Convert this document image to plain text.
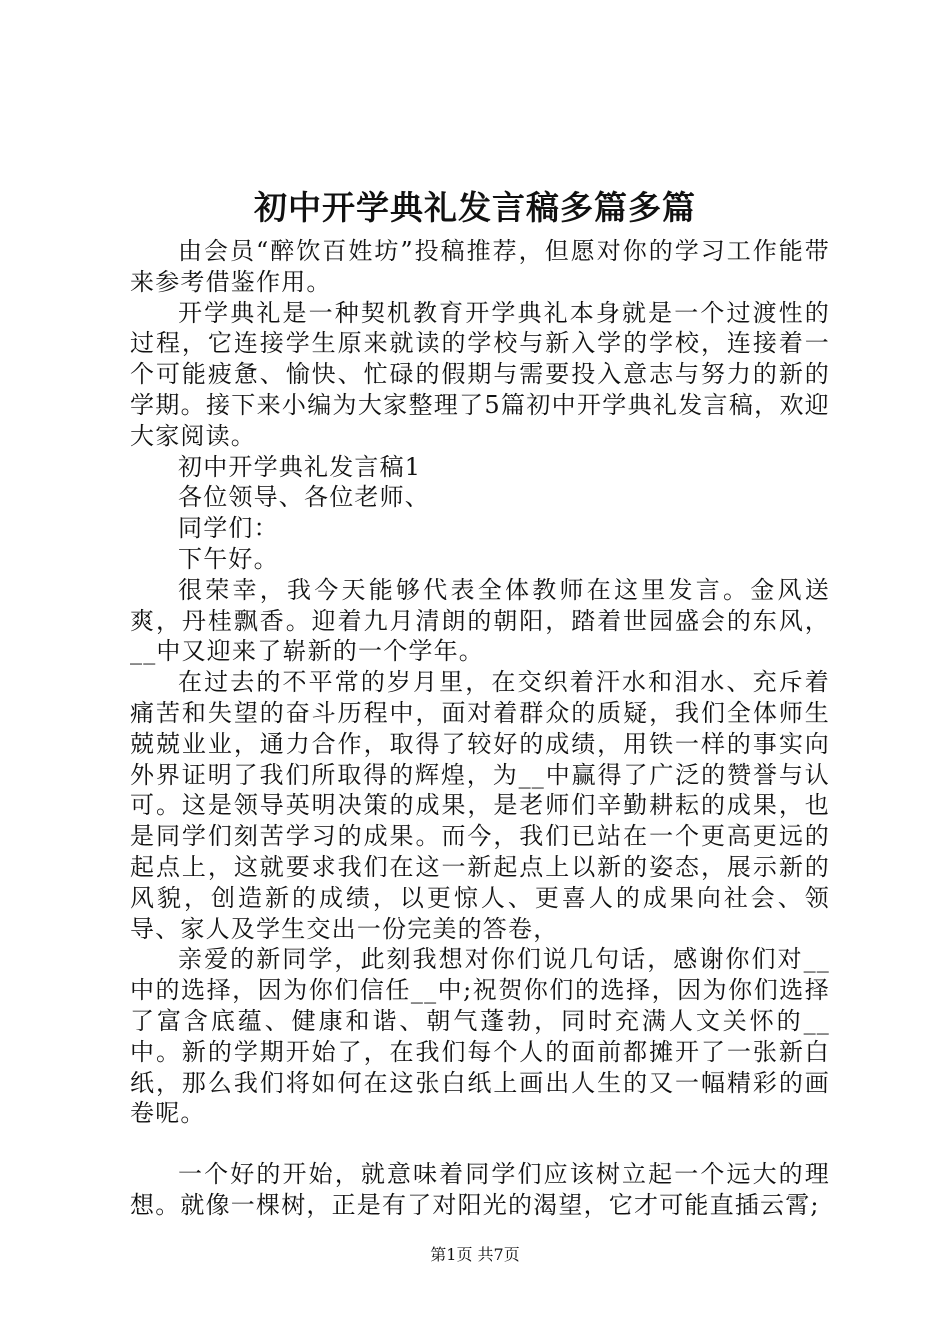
初中开学典礼发言稿多篇多篇

由会员“醉饮百姓坊”投稿推荐，但愿对你的学习工作能带来参考借鉴作用。

开学典礼是一种契机教育开学典礼本身就是一个过渡性的过程，它连接学生原来就读的学校与新入学的学校，连接着一个可能疲惫、愉快、忙碌的假期与需要投入意志与努力的新的学期。接下来小编为大家整理了5篇初中开学典礼发言稿，欢迎大家阅读。

初中开学典礼发言稿1

各位领导、各位老师、

同学们：

下午好。

很荣幸，我今天能够代表全体教师在这里发言。金风送爽，丹桂飘香。迎着九月清朗的朝阳，踏着世园盛会的东风，__中又迎来了崭新的一个学年。

在过去的不平常的岁月里，在交织着汗水和泪水、充斥着痛苦和失望的奋斗历程中，面对着群众的质疑，我们全体师生兢兢业业，通力合作，取得了较好的成绩，用铁一样的事实向外界证明了我们所取得的辉煌，为__中赢得了广泛的赞誉与认可。这是领导英明决策的成果，是老师们辛勤耕耘的成果，也是同学们刻苦学习的成果。而今，我们已站在一个更高更远的起点上，这就要求我们在这一新起点上以新的姿态，展示新的风貌，创造新的成绩，以更惊人、更喜人的成果向社会、领导、家人及学生交出一份完美的答卷，

亲爱的新同学，此刻我想对你们说几句话，感谢你们对__中的选择，因为你们信任__中;祝贺你们的选择，因为你们选择了富含底蕴、健康和谐、朝气蓬勃，同时充满人文关怀的__中。新的学期开始了，在我们每个人的面前都摊开了一张新白纸，那么我们将如何在这张白纸上画出人生的又一幅精彩的画卷呢。

一个好的开始，就意味着同学们应该树立起一个远大的理想。就像一棵树，正是有了对阳光的渴望，它才可能直插云霄;

第1页 共7页
